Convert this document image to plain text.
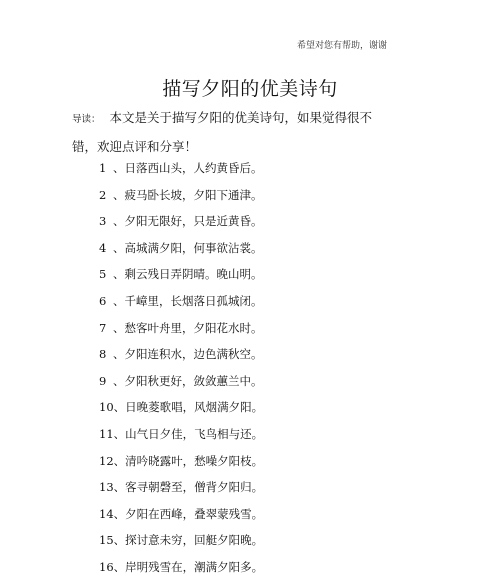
希望对您有帮助，谢谢
描写夕阳的优美诗句
导读： 本文是关于描写夕阳的优美诗句，如果觉得很不错，欢迎点评和分享！
1 、日落西山头，人约黄昏后。
2 、疲马卧长坡，夕阳下通津。
3 、夕阳无限好，只是近黄昏。
4 、高城满夕阳，何事欲沾裳。
5 、剩云残日弄阴晴。晚山明。
6 、千嶂里，长烟落日孤城闭。
7 、愁客叶舟里，夕阳花水时。
8 、夕阳连积水，边色满秋空。
9 、夕阳秋更好，敛敛蕙兰中。
10、日晚菱歌唱，风烟满夕阳。
11、山气日夕佳，飞鸟相与还。
12、清吟晓露叶，愁噪夕阳枝。
13、客寻朝磬至，僧背夕阳归。
14、夕阳在西峰，叠翠蒙残雪。
15、探讨意未穷，回艇夕阳晚。
16、岸明残雪在，潮满夕阳多。
